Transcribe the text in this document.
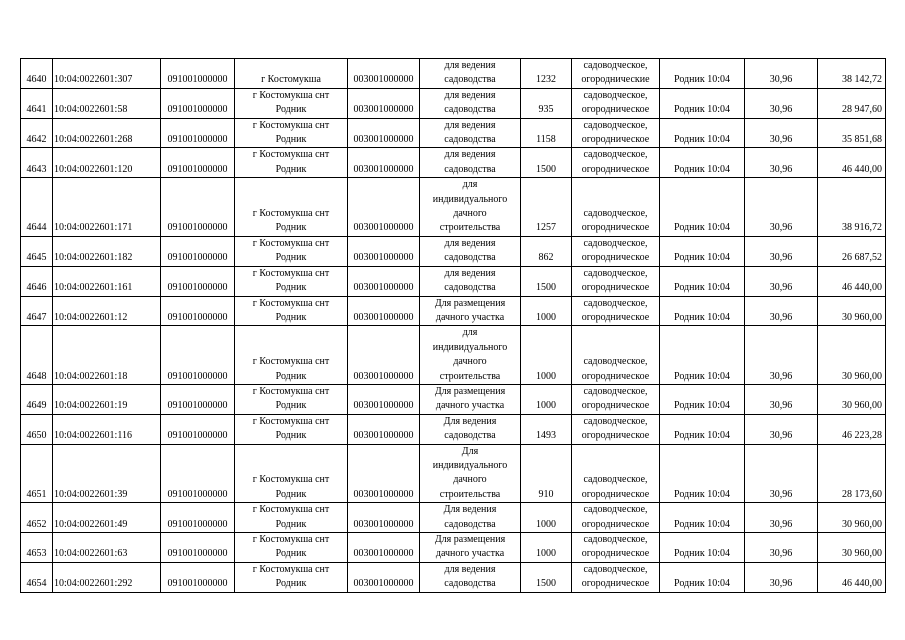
4640	10:04:0022601:307	091001000000	г Костомукша	003001000000	для ведения
садоводства	1232	садоводческое,
огороднические	Родник 10:04	30,96	38 142,72
4641	10:04:0022601:58	091001000000	г Костомукша снт
Родник	003001000000	для ведения
садоводства	935	садоводческое,
огородническое	Родник 10:04	30,96	28 947,60
4642	10:04:0022601:268	091001000000	г Костомукша снт
Родник	003001000000	для ведения
садоводства	1158	садоводческое,
огородническое	Родник 10:04	30,96	35 851,68
4643	10:04:0022601:120	091001000000	г Костомукша снт
Родник	003001000000	для ведения
садоводства	1500	садоводческое,
огородническое	Родник 10:04	30,96	46 440,00
4644	10:04:0022601:171	091001000000	г Костомукша снт
Родник	003001000000	для
индивидуального
дачного
строительства	1257	садоводческое,
огородническое	Родник 10:04	30,96	38 916,72
4645	10:04:0022601:182	091001000000	г Костомукша снт
Родник	003001000000	для ведения
садоводства	862	садоводческое,
огородническое	Родник 10:04	30,96	26 687,52
4646	10:04:0022601:161	091001000000	г Костомукша снт
Родник	003001000000	для ведения
садоводства	1500	садоводческое,
огородническое	Родник 10:04	30,96	46 440,00
4647	10:04:0022601:12	091001000000	г Костомукша снт
Родник	003001000000	Для размещения
дачного участка	1000	садоводческое,
огородническое	Родник 10:04	30,96	30 960,00
4648	10:04:0022601:18	091001000000	г Костомукша снт
Родник	003001000000	для
индивидуального
дачного
строительства	1000	садоводческое,
огородническое	Родник 10:04	30,96	30 960,00
4649	10:04:0022601:19	091001000000	г Костомукша снт
Родник	003001000000	Для размещения
дачного участка	1000	садоводческое,
огородническое	Родник 10:04	30,96	30 960,00
4650	10:04:0022601:116	091001000000	г Костомукша снт
Родник	003001000000	Для ведения
садоводства	1493	садоводческое,
огородническое	Родник 10:04	30,96	46 223,28
4651	10:04:0022601:39	091001000000	г Костомукша снт
Родник	003001000000	Для
индивидуального
дачного
строительства	910	садоводческое,
огородническое	Родник 10:04	30,96	28 173,60
4652	10:04:0022601:49	091001000000	г Костомукша снт
Родник	003001000000	Для ведения
садоводства	1000	садоводческое,
огородническое	Родник 10:04	30,96	30 960,00
4653	10:04:0022601:63	091001000000	г Костомукша снт
Родник	003001000000	Для размещения
дачного участка	1000	садоводческое,
огородническое	Родник 10:04	30,96	30 960,00
4654	10:04:0022601:292	091001000000	г Костомукша снт
Родник	003001000000	для ведения
садоводства	1500	садоводческое,
огородническое	Родник 10:04	30,96	46 440,00
